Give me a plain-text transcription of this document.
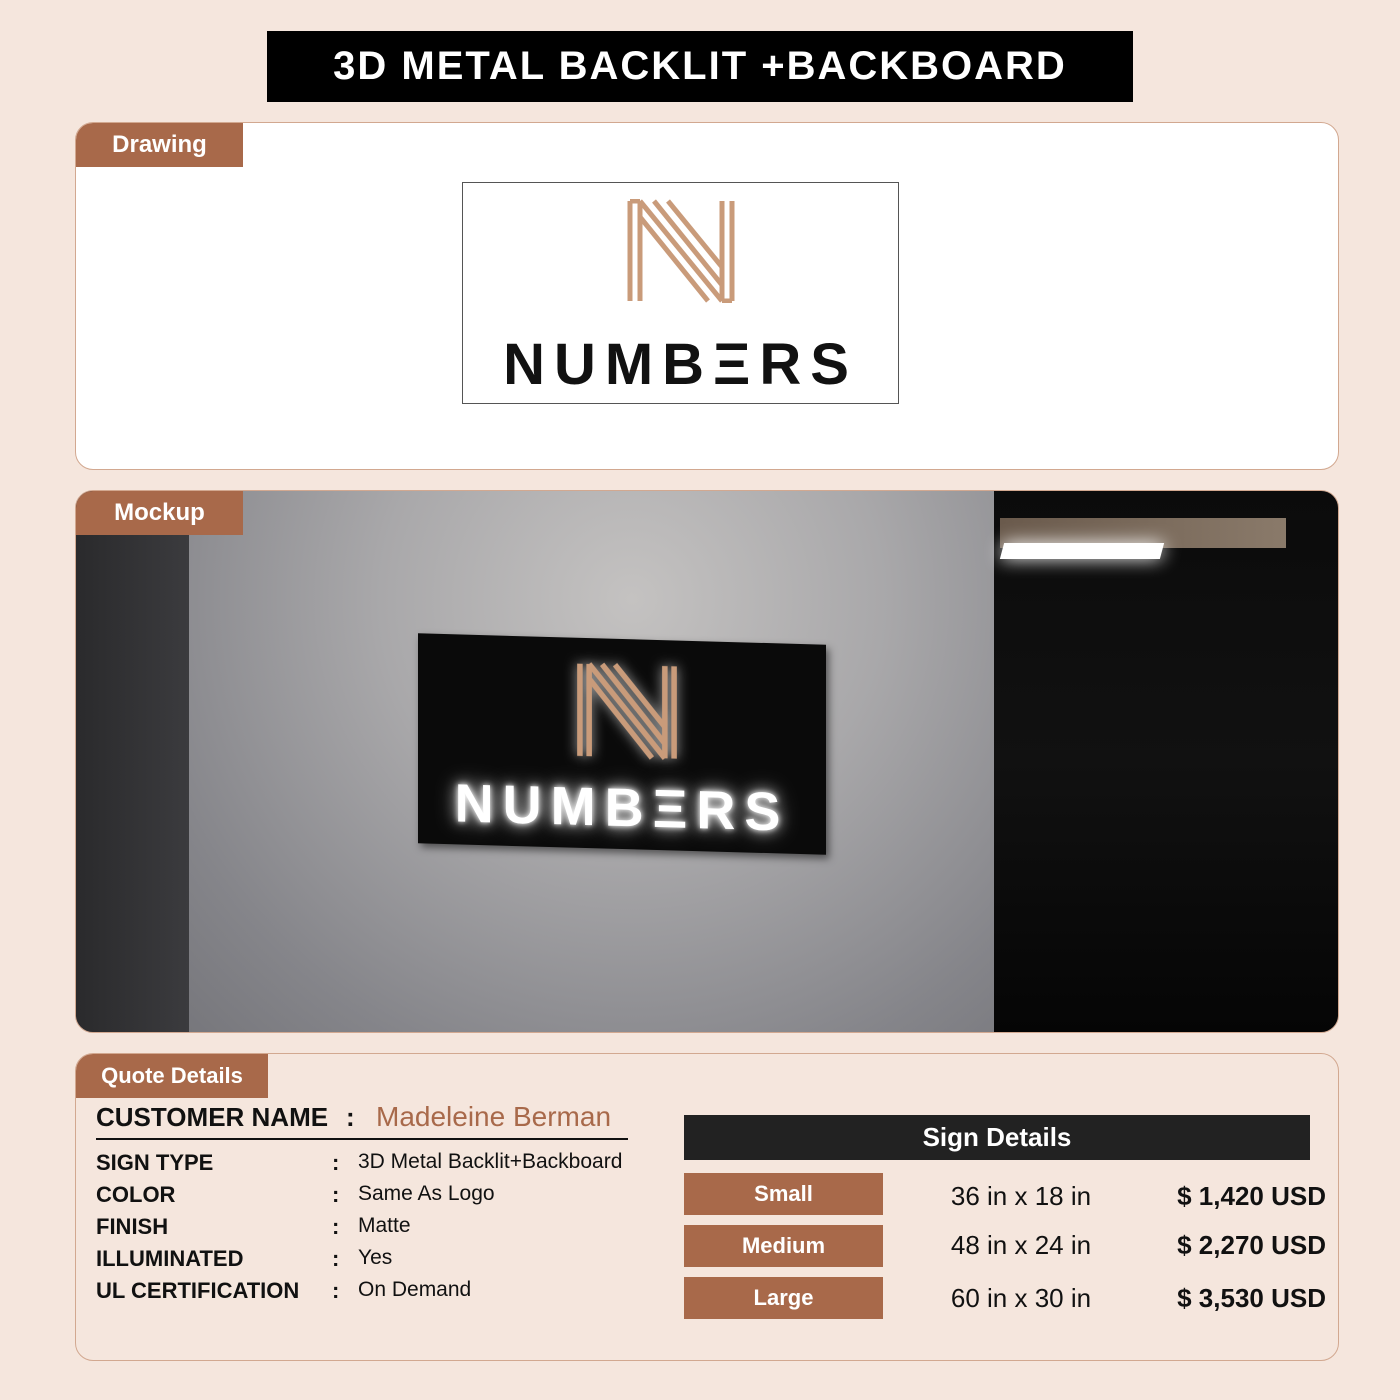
3D METAL BACKLIT +BACKBOARD
Drawing
NUMBΞRS
Mockup
NUMBΞRS
Quote Details
CUSTOMER NAME : Madeleine Berman
SIGN TYPE	: 3D Metal Backlit+Backboard
COLOR	: Same As Logo
FINISH	: Matte
ILLUMINATED	: Yes
UL CERTIFICATION : On Demand
Sign Details
Small	36 in x 18 in	$ 1,420 USD
Medium	48 in x 24 in	$ 2,270 USD
Large	60 in x 30 in	$ 3,530 USD
